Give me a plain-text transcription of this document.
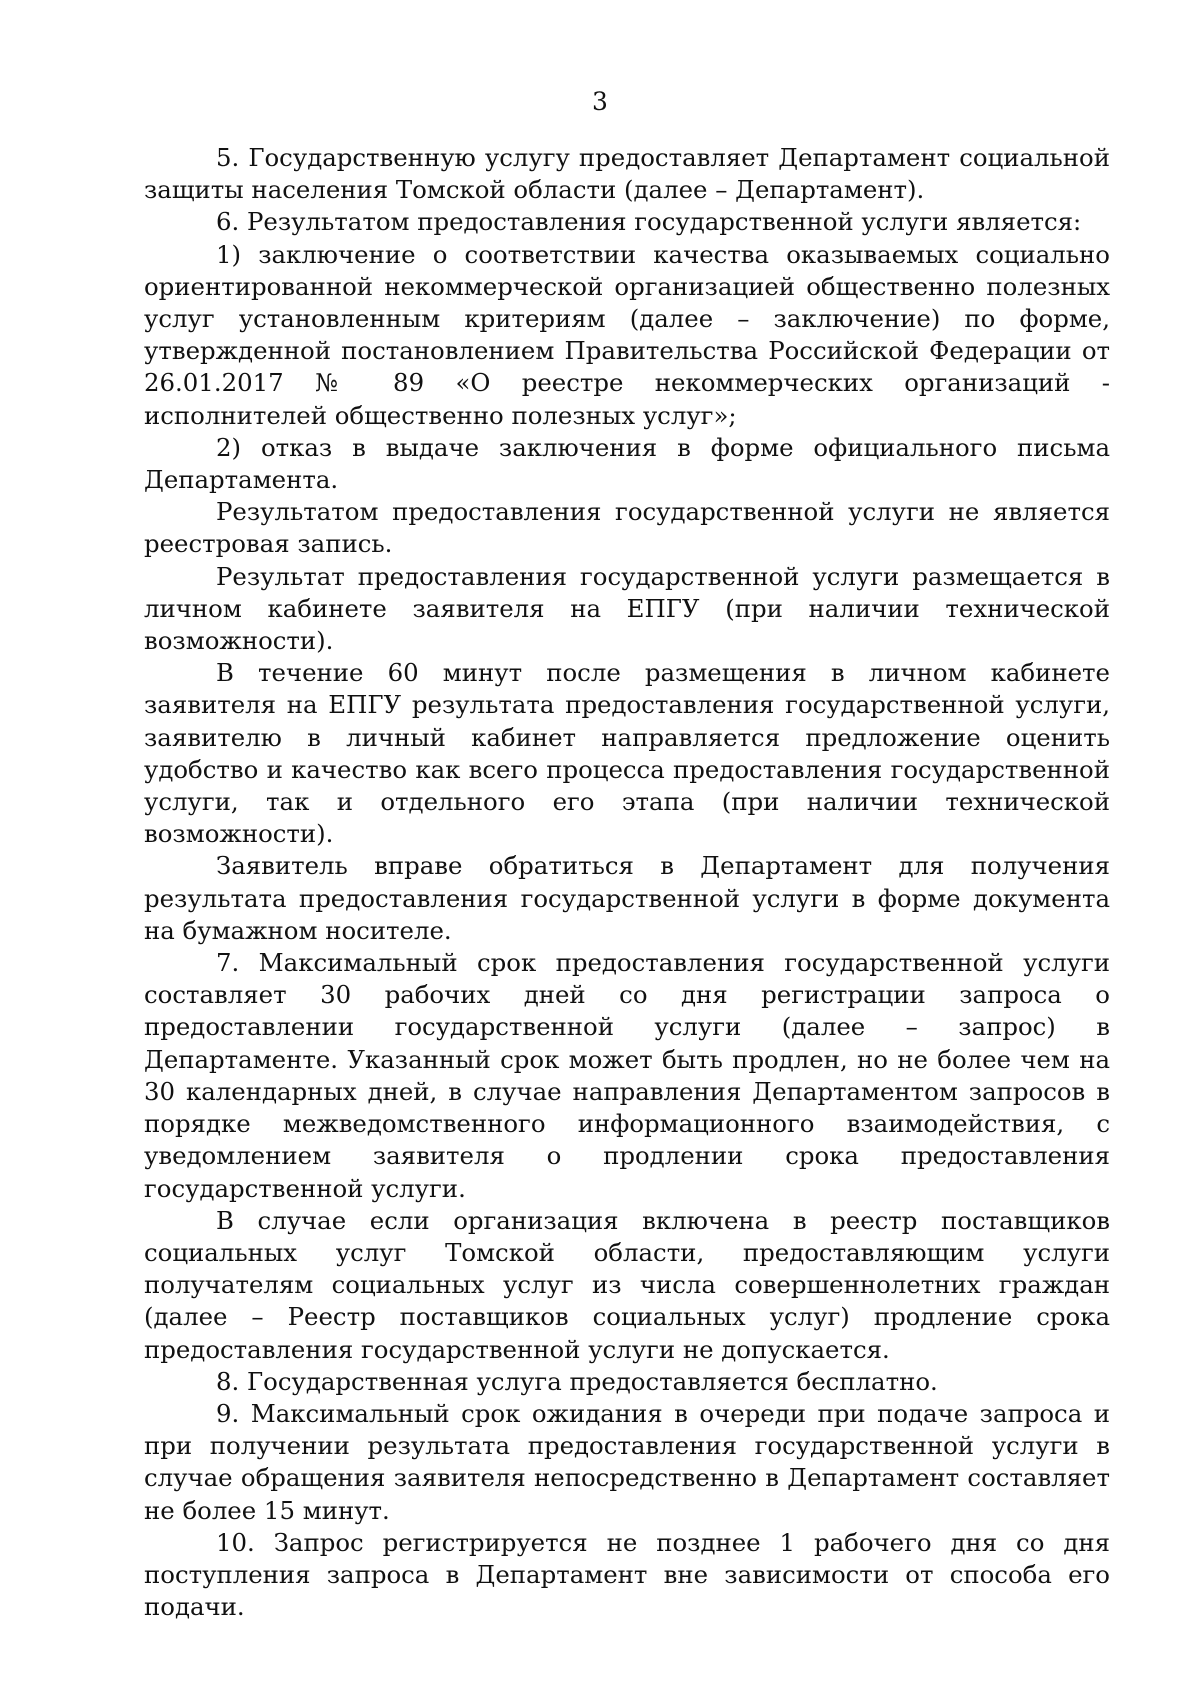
3

5. Государственную услугу предоставляет Департамент социальной защиты населения Томской области (далее – Департамент).

6. Результатом предоставления государственной услуги является:

1) заключение о соответствии качества оказываемых социально ориентированной некоммерческой организацией общественно полезных услуг установленным критериям (далее – заключение) по форме, утвержденной постановлением Правительства Российской Федерации от 26.01.2017 № 89 «О реестре некоммерческих организаций - исполнителей общественно полезных услуг»;

2) отказ в выдаче заключения в форме официального письма Департамента.

Результатом предоставления государственной услуги не является реестровая запись.

Результат предоставления государственной услуги размещается в личном кабинете заявителя на ЕПГУ (при наличии технической возможности).

В течение 60 минут после размещения в личном кабинете заявителя на ЕПГУ результата предоставления государственной услуги, заявителю в личный кабинет направляется предложение оценить удобство и качество как всего процесса предоставления государственной услуги, так и отдельного его этапа (при наличии технической возможности).

Заявитель вправе обратиться в Департамент для получения результата предоставления государственной услуги в форме документа на бумажном носителе.

7. Максимальный срок предоставления государственной услуги составляет 30 рабочих дней со дня регистрации запроса о предоставлении государственной услуги (далее – запрос) в Департаменте. Указанный срок может быть продлен, но не более чем на 30 календарных дней, в случае направления Департаментом запросов в порядке межведомственного информационного взаимодействия, с уведомлением заявителя о продлении срока предоставления государственной услуги.

В случае если организация включена в реестр поставщиков социальных услуг Томской области, предоставляющим услуги получателям социальных услуг из числа совершеннолетних граждан (далее – Реестр поставщиков социальных услуг) продление срока предоставления государственной услуги не допускается.

8. Государственная услуга предоставляется бесплатно.

9. Максимальный срок ожидания в очереди при подаче запроса и при получении результата предоставления государственной услуги в случае обращения заявителя непосредственно в Департамент составляет не более 15 минут.

10. Запрос регистрируется не позднее 1 рабочего дня со дня поступления запроса в Департамент вне зависимости от способа его подачи.
